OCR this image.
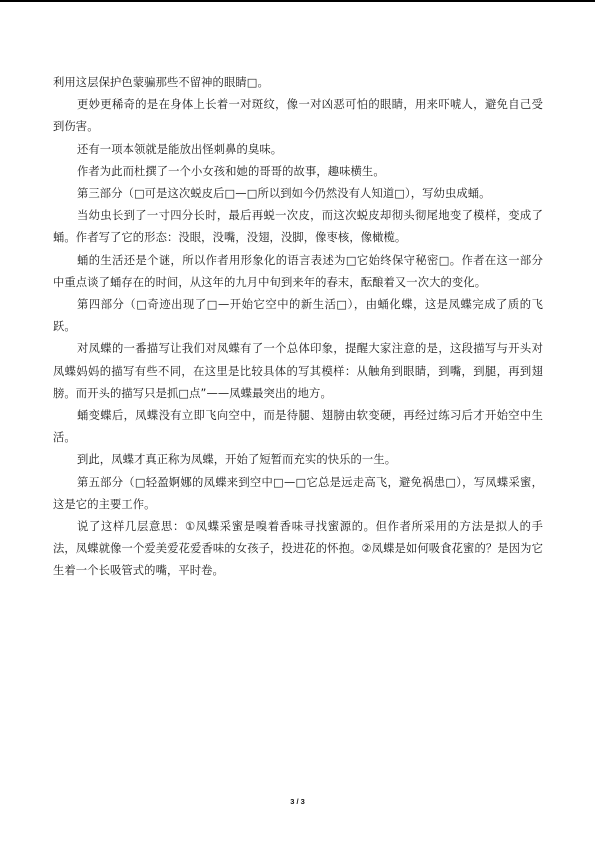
利用这层保护色蒙骗那些不留神的眼睛□。

更妙更稀奇的是在身体上长着一对斑纹，像一对凶恶可怕的眼睛，用来吓唬人，避免自己受到伤害。

还有一项本领就是能放出怪刺鼻的臭味。

作者为此而杜撰了一个小女孩和她的哥哥的故事，趣味横生。

第三部分（□可是这次蜕皮后□—□所以到如今仍然没有人知道□），写幼虫成蛹。

当幼虫长到了一寸四分长时，最后再蜕一次皮，而这次蜕皮却彻头彻尾地变了模样，变成了蛹。作者写了它的形态：没眼，没嘴，没翅，没脚，像枣核，像橄榄。

蛹的生活还是个谜，所以作者用形象化的语言表述为□它始终保守秘密□。作者在这一部分中重点谈了蛹存在的时间，从这年的九月中旬到来年的春末，酝酿着又一次大的变化。

第四部分（□奇迹出现了□—开始它空中的新生活□），由蛹化蝶，这是凤蝶完成了质的飞跃。

对凤蝶的一番描写让我们对凤蝶有了一个总体印象，提醒大家注意的是，这段描写与开头对凤蝶妈妈的描写有些不同，在这里是比较具体的写其模样：从触角到眼睛，到嘴，到腿，再到翅膀。而开头的描写只是抓□点”——凤蝶最突出的地方。

蛹变蝶后，凤蝶没有立即飞向空中，而是待腿、翅膀由软变硬，再经过练习后才开始空中生活。

到此，凤蝶才真正称为凤蝶，开始了短暂而充实的快乐的一生。

第五部分（□轻盈婀娜的凤蝶来到空中□—□它总是远走高飞，避免祸患□），写凤蝶采蜜，这是它的主要工作。

说了这样几层意思：①凤蝶采蜜是嗅着香味寻找蜜源的。但作者所采用的方法是拟人的手法，凤蝶就像一个爱美爱花爱香味的女孩子，投进花的怀抱。②凤蝶是如何吸食花蜜的？是因为它生着一个长吸管式的嘴，平时卷。

3 / 3
